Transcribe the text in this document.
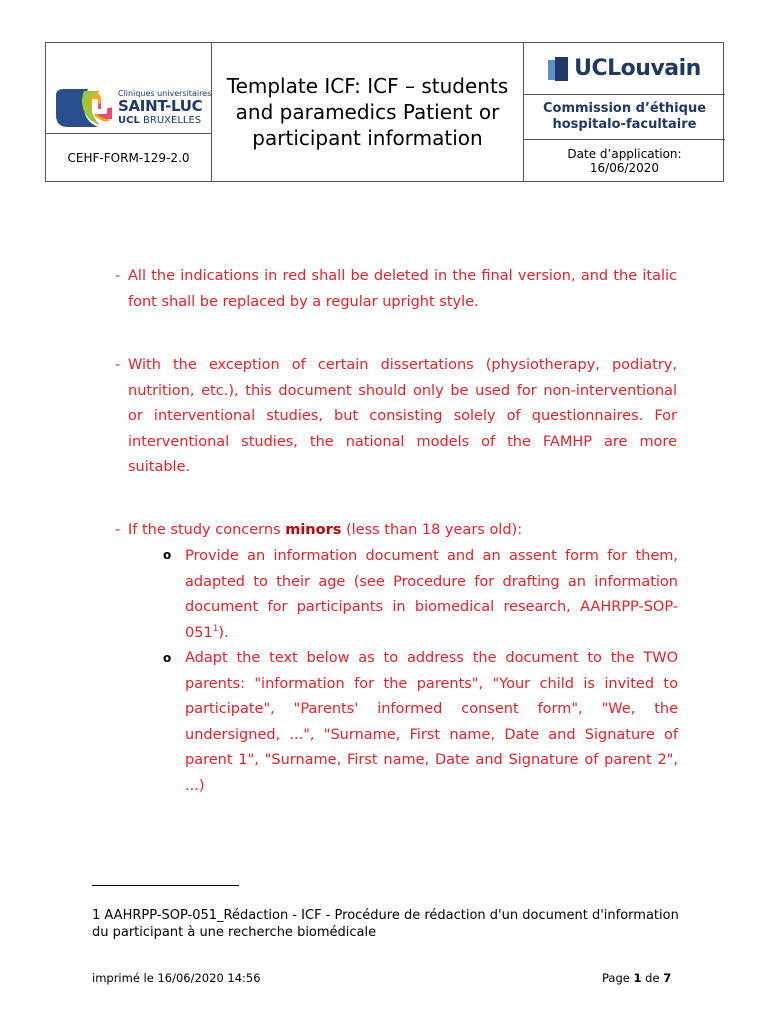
Cliniques universitaires
SAINT-LUC
UCL BRUXELLES
CEHF-FORM-129-2.0
Template ICF: ICF – students and paramedics Patient or participant information
UCLouvain
Commission d’éthique
hospitalo-facultaire
Date d’application:
16/06/2020
- All the indications in red shall be deleted in the final version, and the italic font shall be replaced by a regular upright style.
- With the exception of certain dissertations (physiotherapy, podiatry, nutrition, etc.), this document should only be used for non-interventional or interventional studies, but consisting solely of questionnaires. For interventional studies, the national models of the FAMHP are more suitable.
- If the study concerns minors (less than 18 years old):
o Provide an information document and an assent form for them, adapted to their age (see Procedure for drafting an information document for participants in biomedical research, AAHRPP-$SOP-051^1$).
o Adapt the text below as to address the document to the TWO parents: "information for the parents", "Your child is invited to participate", "Parents' informed consent form", "We, the undersigned, ...", "Surname, First name, Date and Signature of parent 1", "Surname, First name, Date and Signature of parent 2", ...)
1 AAHRPP-SOP-051_Rédaction - ICF - Procédure de rédaction d'un document d'information du participant à une recherche biomédicale
imprimé le 16/06/2020 14:56	Page 1 de 7
